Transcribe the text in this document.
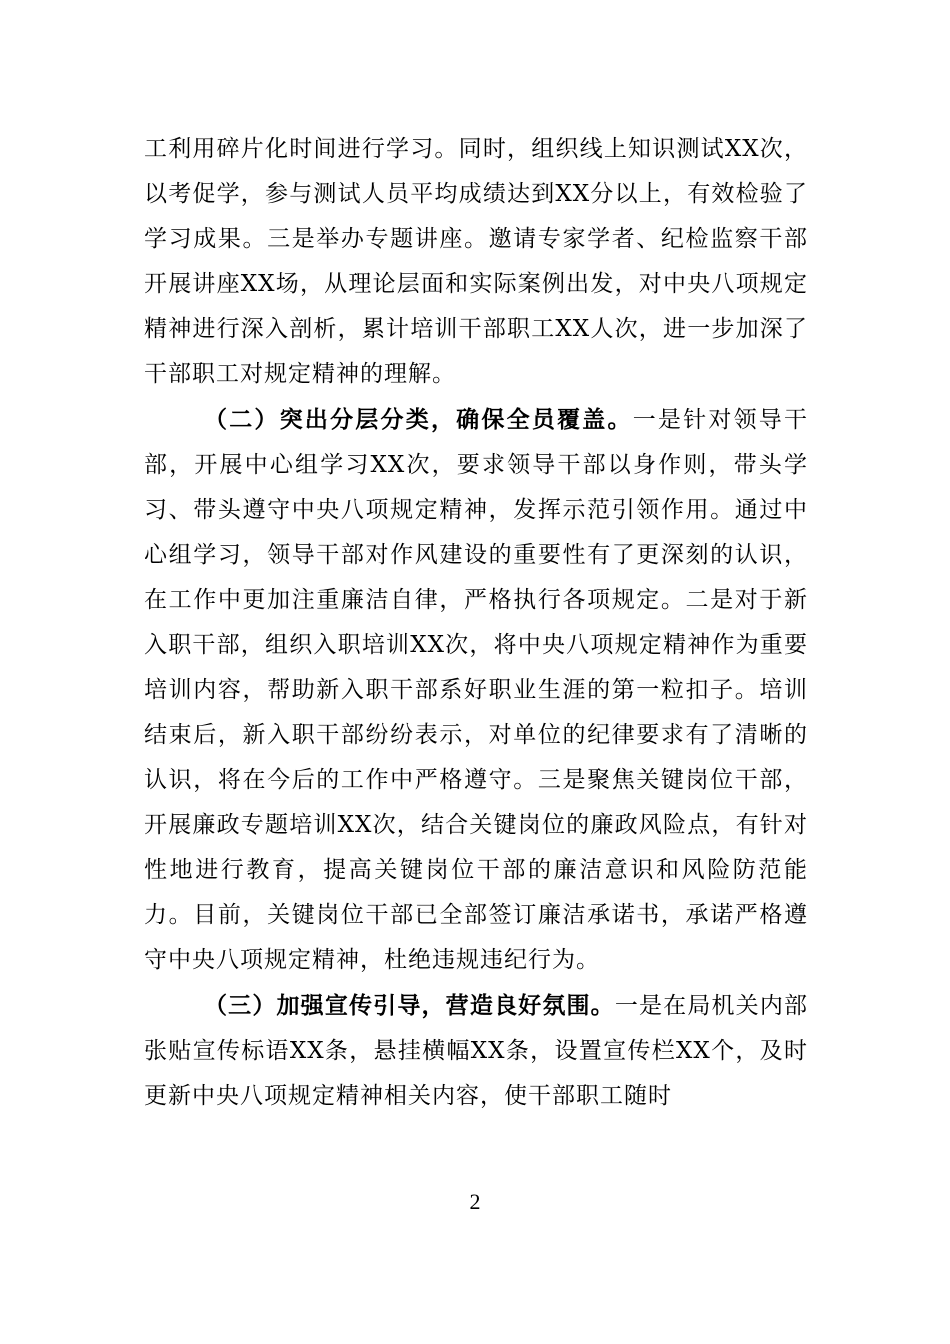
工利用碎片化时间进行学习。同时，组织线上知识测试XX次，以考促学，参与测试人员平均成绩达到XX分以上，有效检验了学习成果。三是举办专题讲座。邀请专家学者、纪检监察干部开展讲座XX场，从理论层面和实际案例出发，对中央八项规定精神进行深入剖析，累计培训干部职工XX人次，进一步加深了干部职工对规定精神的理解。

（二）突出分层分类，确保全员覆盖。一是针对领导干部，开展中心组学习XX次，要求领导干部以身作则，带头学习、带头遵守中央八项规定精神，发挥示范引领作用。通过中心组学习，领导干部对作风建设的重要性有了更深刻的认识，在工作中更加注重廉洁自律，严格执行各项规定。二是对于新入职干部，组织入职培训XX次，将中央八项规定精神作为重要培训内容，帮助新入职干部系好职业生涯的第一粒扣子。培训结束后，新入职干部纷纷表示，对单位的纪律要求有了清晰的认识，将在今后的工作中严格遵守。三是聚焦关键岗位干部，开展廉政专题培训XX次，结合关键岗位的廉政风险点，有针对性地进行教育，提高关键岗位干部的廉洁意识和风险防范能力。目前，关键岗位干部已全部签订廉洁承诺书，承诺严格遵守中央八项规定精神，杜绝违规违纪行为。

（三）加强宣传引导，营造良好氛围。一是在局机关内部张贴宣传标语XX条，悬挂横幅XX条，设置宣传栏XX个，及时更新中央八项规定精神相关内容，使干部职工随时

2
